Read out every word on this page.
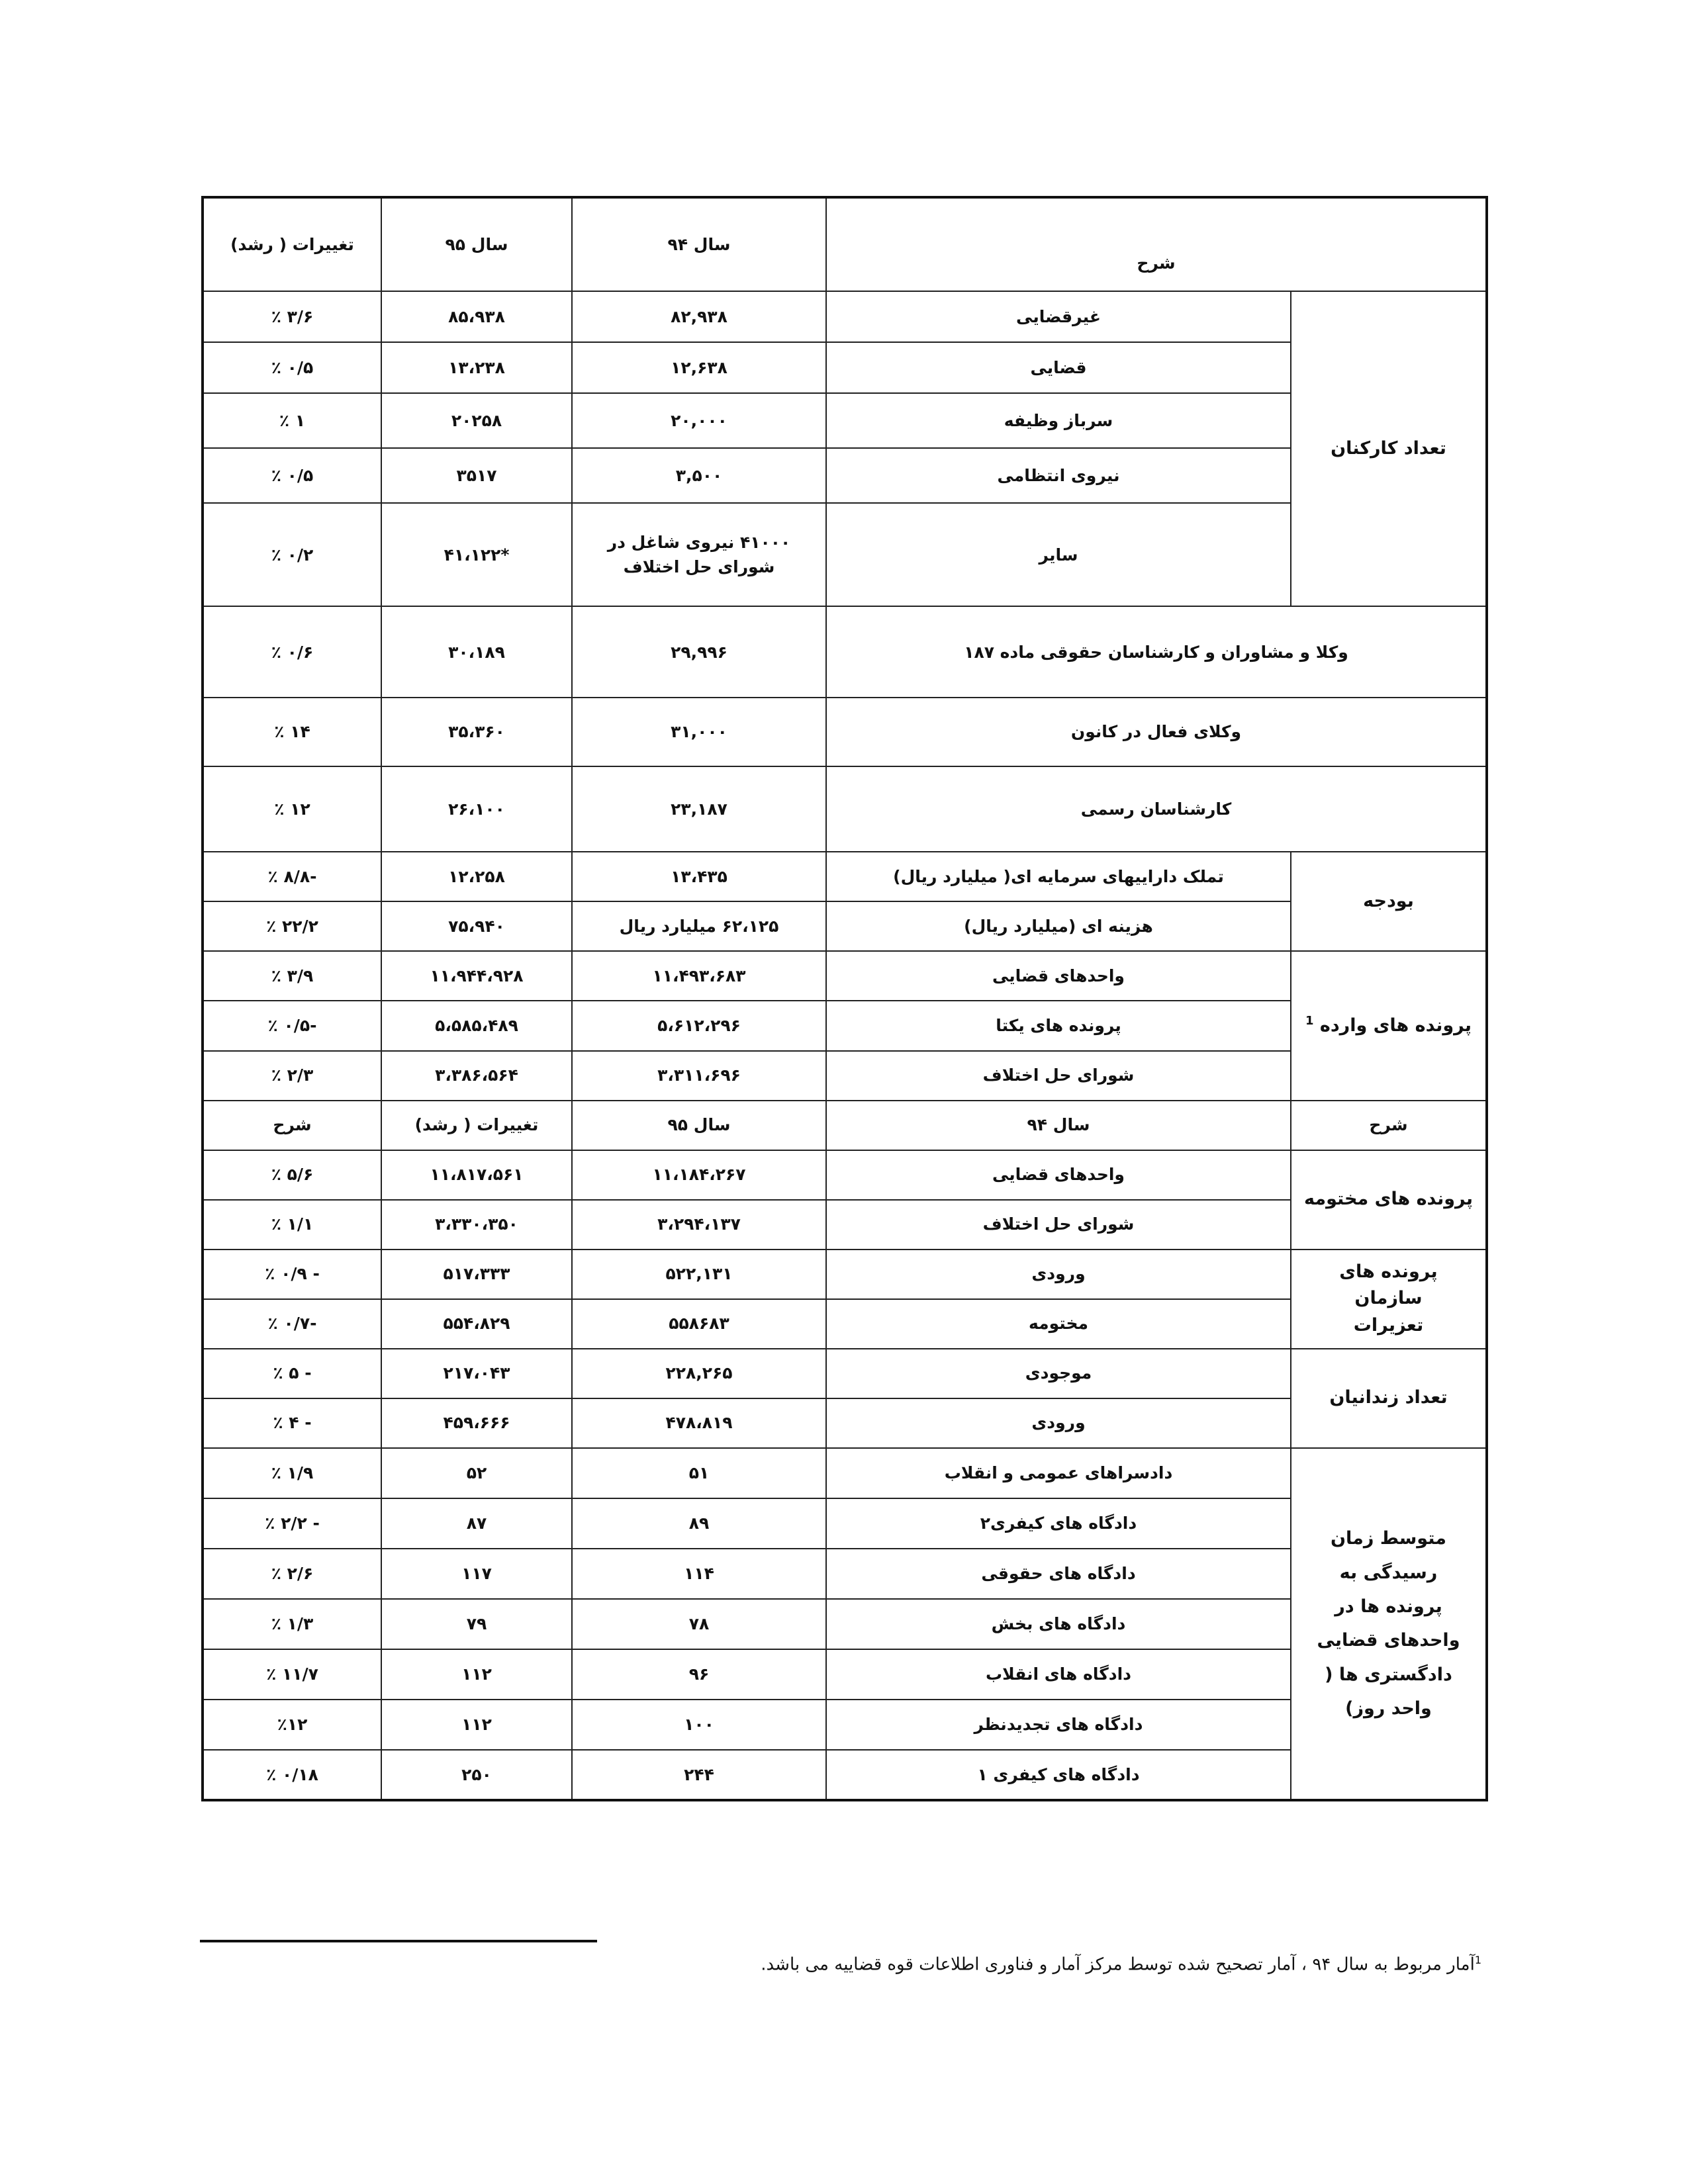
تغییرات ( رشد)	سال ۹۵	سال ۹۴	شرح	
٪ ۳/۶	۸۵،۹۳۸	۸۲,۹۳۸	غیرقضایی	تعداد کارکنان
٪ ۰/۵	۱۳،۲۳۸	۱۲,۶۳۸	قضایی	
٪ ۱	۲۰۲۵۸	۲۰,۰۰۰	سرباز وظیفه	
٪ ۰/۵	۳۵۱۷	۳,۵۰۰	نیروی انتظامی	
٪ ۰/۲	۴۱،۱۲۲*	۴۱۰۰۰ نیروی شاغل در شورای حل اختلاف	سایر	
٪ ۰/۶	۳۰،۱۸۹	۲۹,۹۹۶	وکلا و مشاوران و کارشناسان حقوقی ماده ۱۸۷	
٪ ۱۴	۳۵،۳۶۰	۳۱,۰۰۰	وکلای فعال در کانون	
٪ ۱۲	۲۶،۱۰۰	۲۳,۱۸۷	کارشناسان رسمی	
٪ ۸/۸-	۱۲،۲۵۸	۱۳،۴۳۵	تملک داراییهای سرمایه ای( میلیارد ریال)	بودجه
٪ ۲۲/۲	۷۵،۹۴۰	۶۲،۱۲۵ میلیارد ریال	هزینه ای (میلیارد ریال)	
٪ ۳/۹	۱۱،۹۴۴،۹۲۸	۱۱،۴۹۳،۶۸۳	واحدهای قضایی	پرونده های وارده $^1$
٪ ۰/۵-	۵،۵۸۵،۴۸۹	۵،۶۱۲،۲۹۶	پرونده های یکتا	
٪ ۲/۳	۳،۳۸۶،۵۶۴	۳،۳۱۱،۶۹۶	شورای حل اختلاف	
شرح	تغییرات ( رشد)	سال ۹۵	سال ۹۴	شرح
٪ ۵/۶	۱۱،۸۱۷،۵۶۱	۱۱،۱۸۴،۲۶۷	واحدهای قضایی	پرونده های مختومه
٪ ۱/۱	۳،۳۳۰،۳۵۰	۳،۲۹۴،۱۳۷	شورای حل اختلاف	
٪ ۰/۹ -	۵۱۷،۳۳۳	۵۲۲,۱۳۱	ورودی	پرونده های سازمان تعزیرات
٪ ۰/۷-	۵۵۴،۸۲۹	۵۵۸۶۸۳	مختومه	
٪ ۵ -	۲۱۷،۰۴۳	۲۲۸,۲۶۵	موجودی	تعداد زندانیان
٪ ۴ -	۴۵۹،۶۶۶	۴۷۸،۸۱۹	ورودی	
٪ ۱/۹	۵۲	۵۱	دادسراهای عمومی و انقلاب	متوسط زمان رسیدگی به پرونده ها در واحدهای قضایی دادگستری ها ( واحد روز)
٪ ۲/۲ -	۸۷	۸۹	دادگاه های کیفری۲	
٪ ۲/۶	۱۱۷	۱۱۴	دادگاه های حقوقی	
٪ ۱/۳	۷۹	۷۸	دادگاه های بخش	
٪ ۱۱/۷	۱۱۲	۹۶	دادگاه های انقلاب	
٪۱۲	۱۱۲	۱۰۰	دادگاه های تجدیدنظر	
٪ ۰/۱۸	۲۵۰	۲۴۴	دادگاه های کیفری ۱	
$^1$آمار مربوط به سال ۹۴ ، آمار تصحیح شده توسط مرکز آمار و فناوری اطلاعات قوه قضاییه می باشد.
